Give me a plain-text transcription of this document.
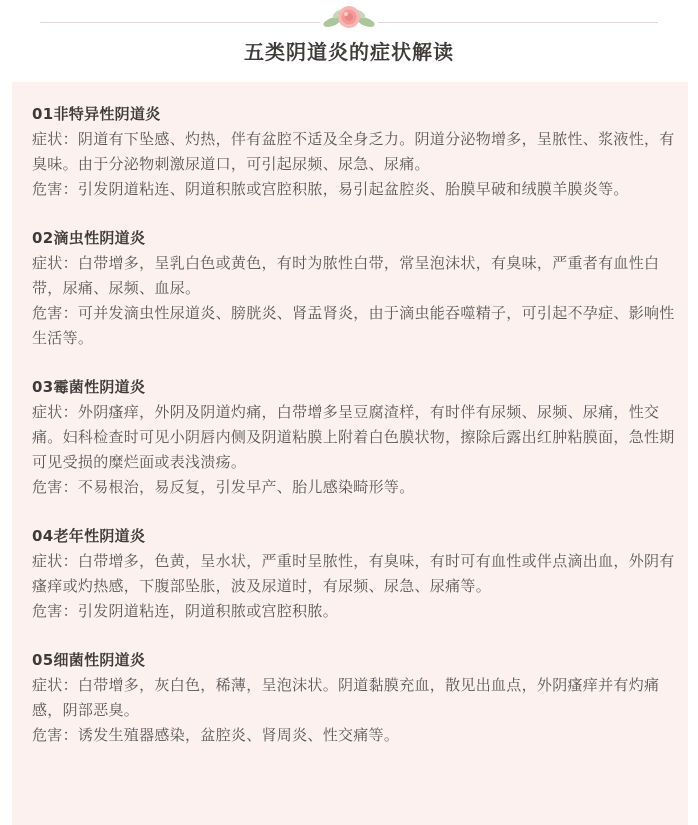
五类阴道炎的症状解读
01非特异性阴道炎

症状：阴道有下坠感、灼热，伴有盆腔不适及全身乏力。阴道分泌物增多，呈脓性、浆液性，有臭味。由于分泌物刺激尿道口，可引起尿频、尿急、尿痛。

危害：引发阴道粘连、阴道积脓或宫腔积脓，易引起盆腔炎、胎膜早破和绒膜羊膜炎等。

02滴虫性阴道炎

症状：白带增多，呈乳白色或黄色，有时为脓性白带，常呈泡沫状，有臭味，严重者有血性白带，尿痛、尿频、血尿。

危害：可并发滴虫性尿道炎、膀胱炎、肾盂肾炎，由于滴虫能吞噬精子，可引起不孕症、影响性生活等。

03霉菌性阴道炎

症状：外阴瘙痒，外阴及阴道灼痛，白带增多呈豆腐渣样，有时伴有尿频、尿频、尿痛，性交痛。妇科检查时可见小阴唇内侧及阴道粘膜上附着白色膜状物，擦除后露出红肿粘膜面，急性期可见受损的糜烂面或表浅溃疡。

危害：不易根治，易反复，引发早产、胎儿感染畸形等。

04老年性阴道炎

症状：白带增多，色黄，呈水状，严重时呈脓性，有臭味，有时可有血性或伴点滴出血，外阴有瘙痒或灼热感，下腹部坠胀，波及尿道时，有尿频、尿急、尿痛等。

危害：引发阴道粘连，阴道积脓或宫腔积脓。

05细菌性阴道炎

症状：白带增多，灰白色，稀薄，呈泡沫状。阴道黏膜充血，散见出血点，外阴瘙痒并有灼痛感，阴部恶臭。

危害：诱发生殖器感染，盆腔炎、肾周炎、性交痛等。
